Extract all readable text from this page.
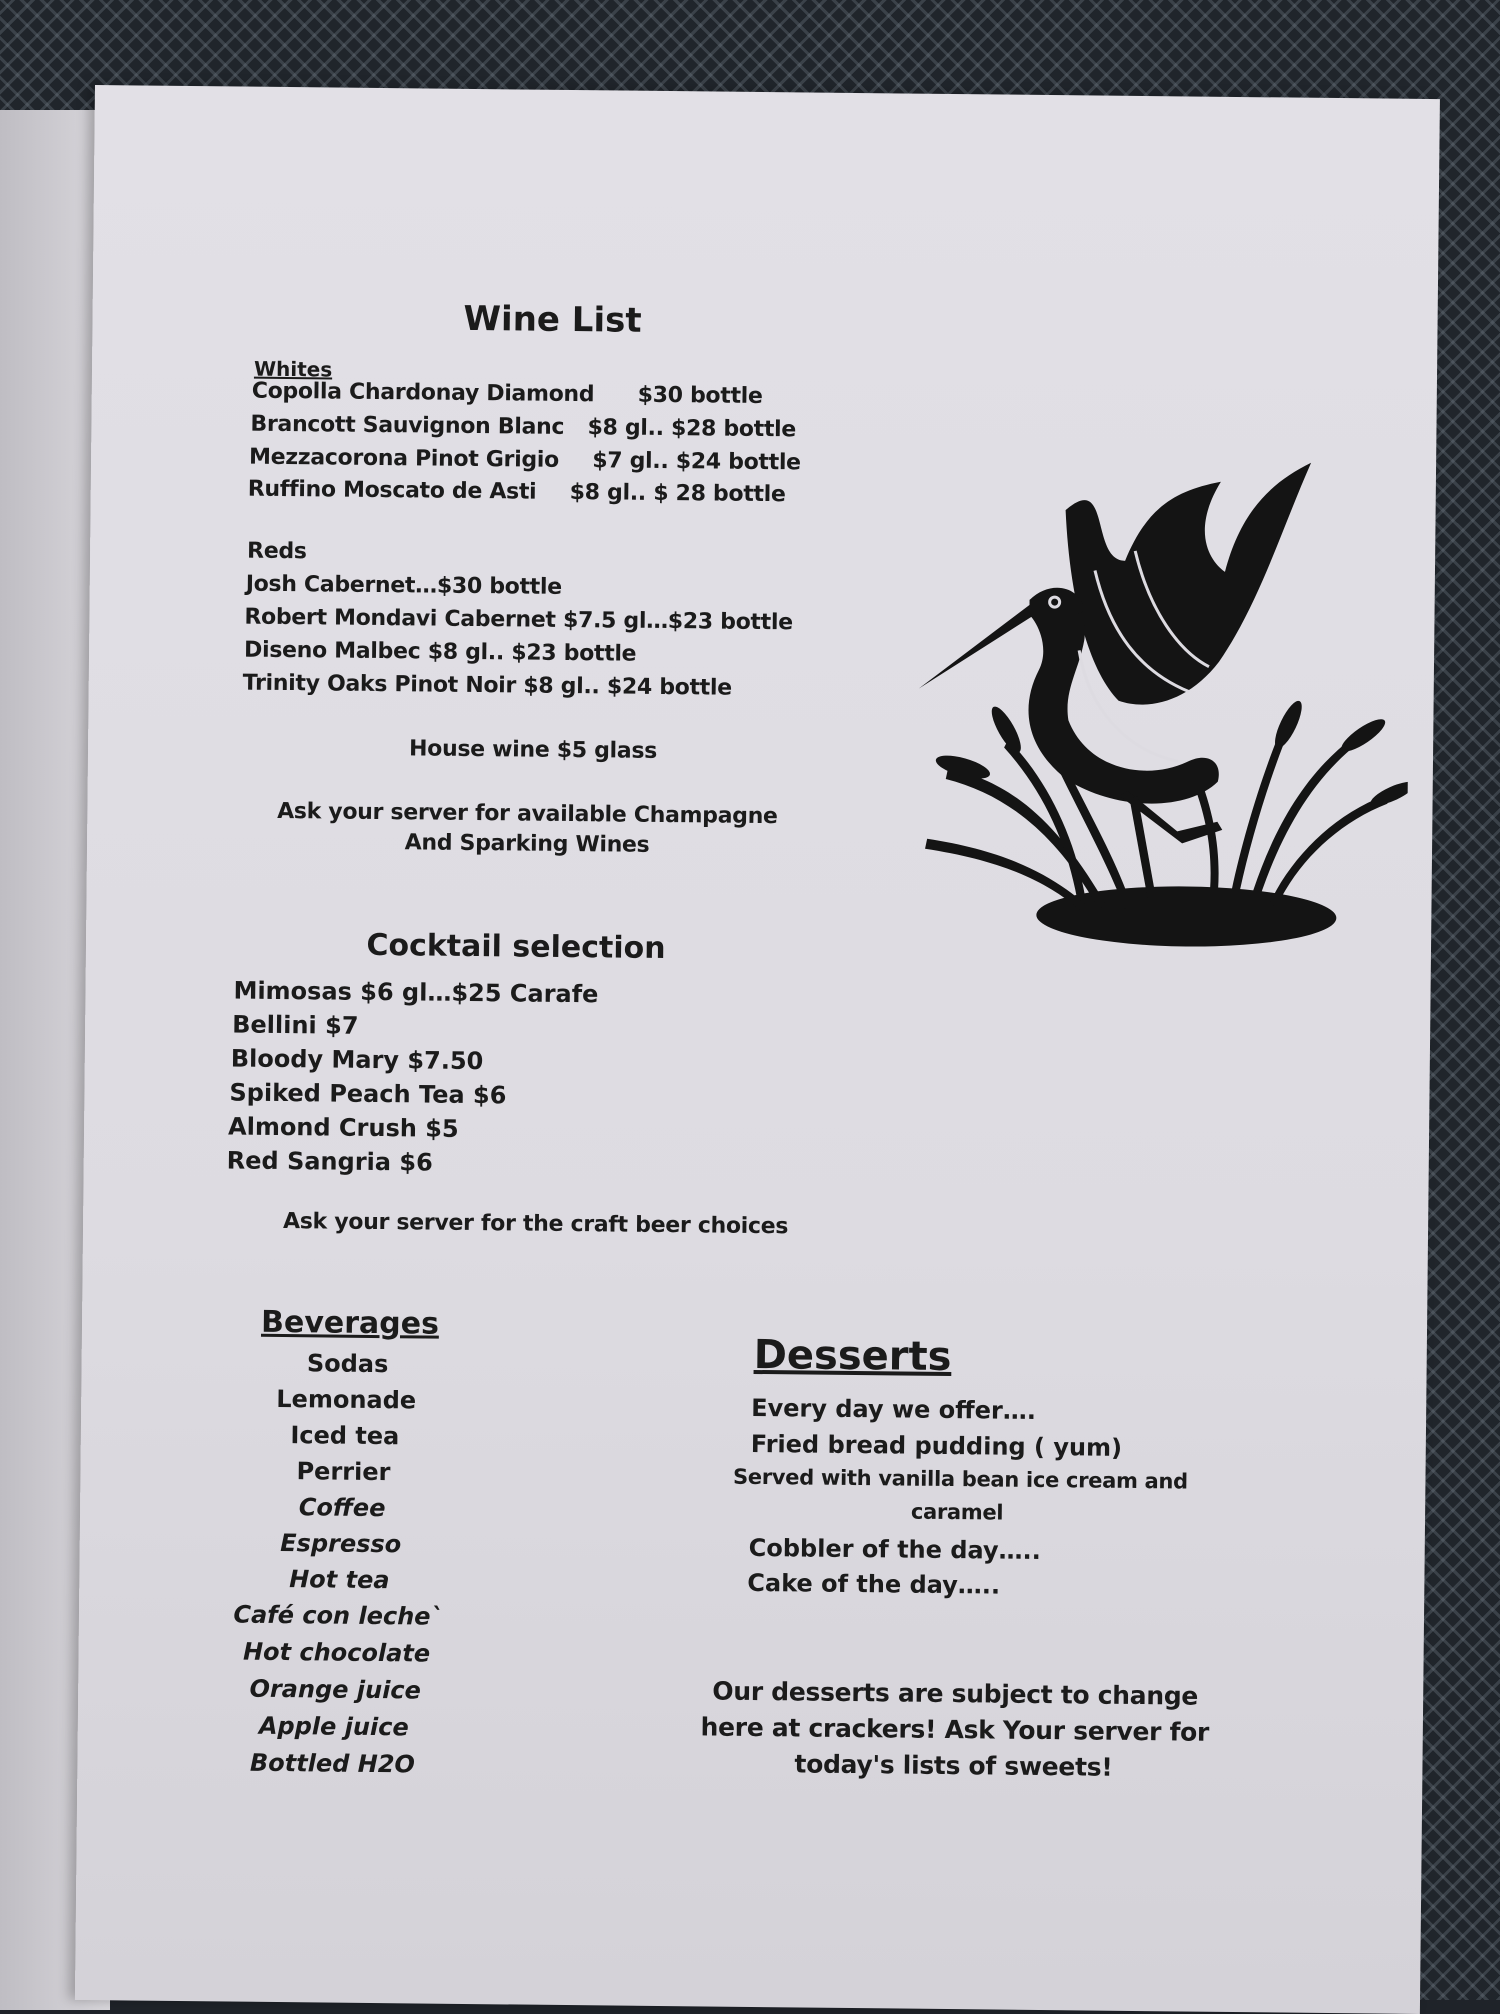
Wine List
Whites
Copolla Chardonay Diamond $30 bottle
Brancott Sauvignon Blanc $8 gl.. $28 bottle
Mezzacorona Pinot Grigio $7 gl.. $24 bottle
Ruffino Moscato de Asti $8 gl.. $ 28 bottle
Reds
Josh Cabernet…$30 bottle
Robert Mondavi Cabernet $7.5 gl…$23 bottle
Diseno Malbec $8 gl.. $23 bottle
Trinity Oaks Pinot Noir $8 gl.. $24 bottle
House wine $5 glass
Ask your server for available Champagne
And Sparking Wines
Cocktail selection
Mimosas $6 gl…$25 Carafe
Bellini $7
Bloody Mary $7.50
Spiked Peach Tea $6
Almond Crush $5
Red Sangria $6
Ask your server for the craft beer choices
Beverages
Sodas
Lemonade
Iced tea
Perrier
Coffee
Espresso
Hot tea
Café con leche`
Hot chocolate
Orange juice
Apple juice
Bottled H2O
Desserts
Every day we offer….
Fried bread pudding ( yum)
Served with vanilla bean ice cream and
caramel
Cobbler of the day…..
Cake of the day…..
Our desserts are subject to change
here at crackers! Ask Your server for
today's lists of sweets!
